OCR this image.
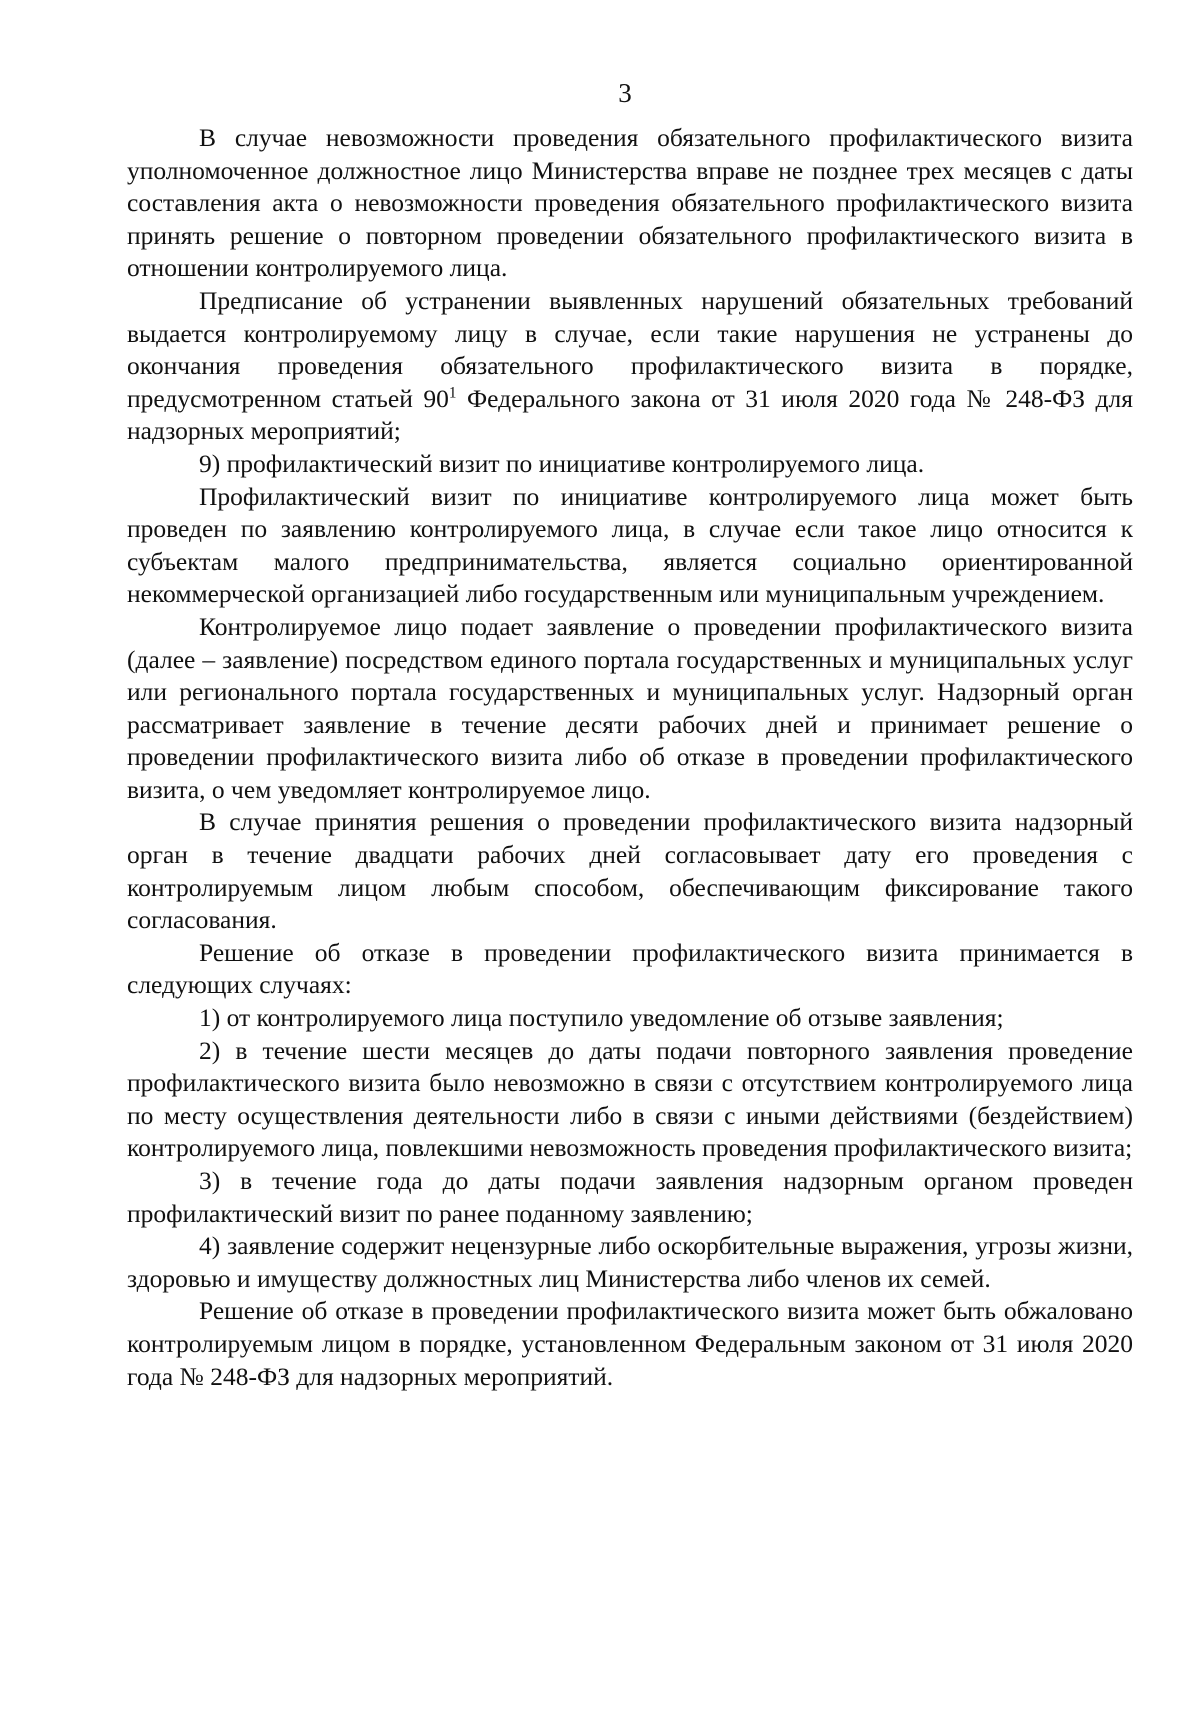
3

В случае невозможности проведения обязательного профилактического визита уполномоченное должностное лицо Министерства вправе не позднее трех месяцев с даты составления акта о невозможности проведения обязательного профилактического визита принять решение о повторном проведении обязательного профилактического визита в отношении контролируемого лица.

Предписание об устранении выявленных нарушений обязательных требований выдается контролируемому лицу в случае, если такие нарушения не устранены до окончания проведения обязательного профилактического визита в порядке, предусмотренном статьей $90^1$ Федерального закона от 31 июля 2020 года № 248-ФЗ для надзорных мероприятий;

9) профилактический визит по инициативе контролируемого лица.

Профилактический визит по инициативе контролируемого лица может быть проведен по заявлению контролируемого лица, в случае если такое лицо относится к субъектам малого предпринимательства, является социально ориентированной некоммерческой организацией либо государственным или муниципальным учреждением.

Контролируемое лицо подает заявление о проведении профилактического визита (далее – заявление) посредством единого портала государственных и муниципальных услуг или регионального портала государственных и муниципальных услуг. Надзорный орган рассматривает заявление в течение десяти рабочих дней и принимает решение о проведении профилактического визита либо об отказе в проведении профилактического визита, о чем уведомляет контролируемое лицо.

В случае принятия решения о проведении профилактического визита надзорный орган в течение двадцати рабочих дней согласовывает дату его проведения с контролируемым лицом любым способом, обеспечивающим фиксирование такого согласования.

Решение об отказе в проведении профилактического визита принимается в следующих случаях:

1) от контролируемого лица поступило уведомление об отзыве заявления;

2) в течение шести месяцев до даты подачи повторного заявления проведение профилактического визита было невозможно в связи с отсутствием контролируемого лица по месту осуществления деятельности либо в связи с иными действиями (бездействием) контролируемого лица, повлекшими невозможность проведения профилактического визита;

3) в течение года до даты подачи заявления надзорным органом проведен профилактический визит по ранее поданному заявлению;

4) заявление содержит нецензурные либо оскорбительные выражения, угрозы жизни, здоровью и имуществу должностных лиц Министерства либо членов их семей.

Решение об отказе в проведении профилактического визита может быть обжаловано контролируемым лицом в порядке, установленном Федеральным законом от 31 июля 2020 года № 248-ФЗ для надзорных мероприятий.
